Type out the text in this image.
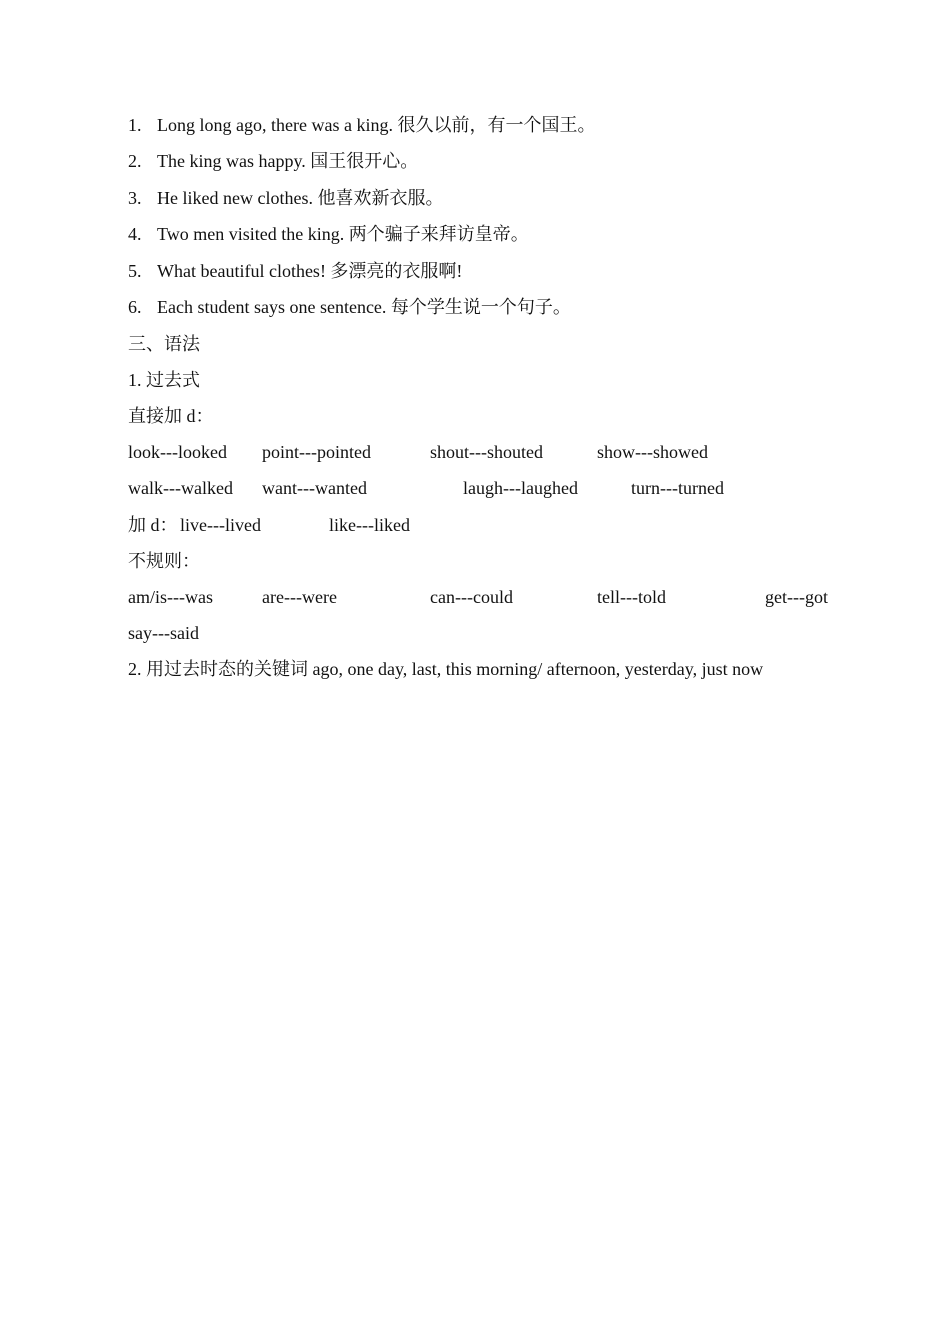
1. Long long ago, there was a king. 很久以前，有一个国王。
2. The king was happy. 国王很开心。
3. He liked new clothes. 他喜欢新衣服。
4. Two men visited the king. 两个骗子来拜访皇帝。
5. What beautiful clothes! 多漂亮的衣服啊!
6. Each student says one sentence. 每个学生说一个句子。
三、语法
1. 过去式
直接加 d：
look---looked point---pointed	shout---shouted	show---showed
walk---walked want---wanted	laugh---laughed	turn---turned
加 d： live---lived	like---liked
不规则：
am/is---was	are---were	can---could	tell---told	get---got
say---said
2. 用过去时态的关键词 ago, one day, last, this morning/ afternoon, yesterday, just now
